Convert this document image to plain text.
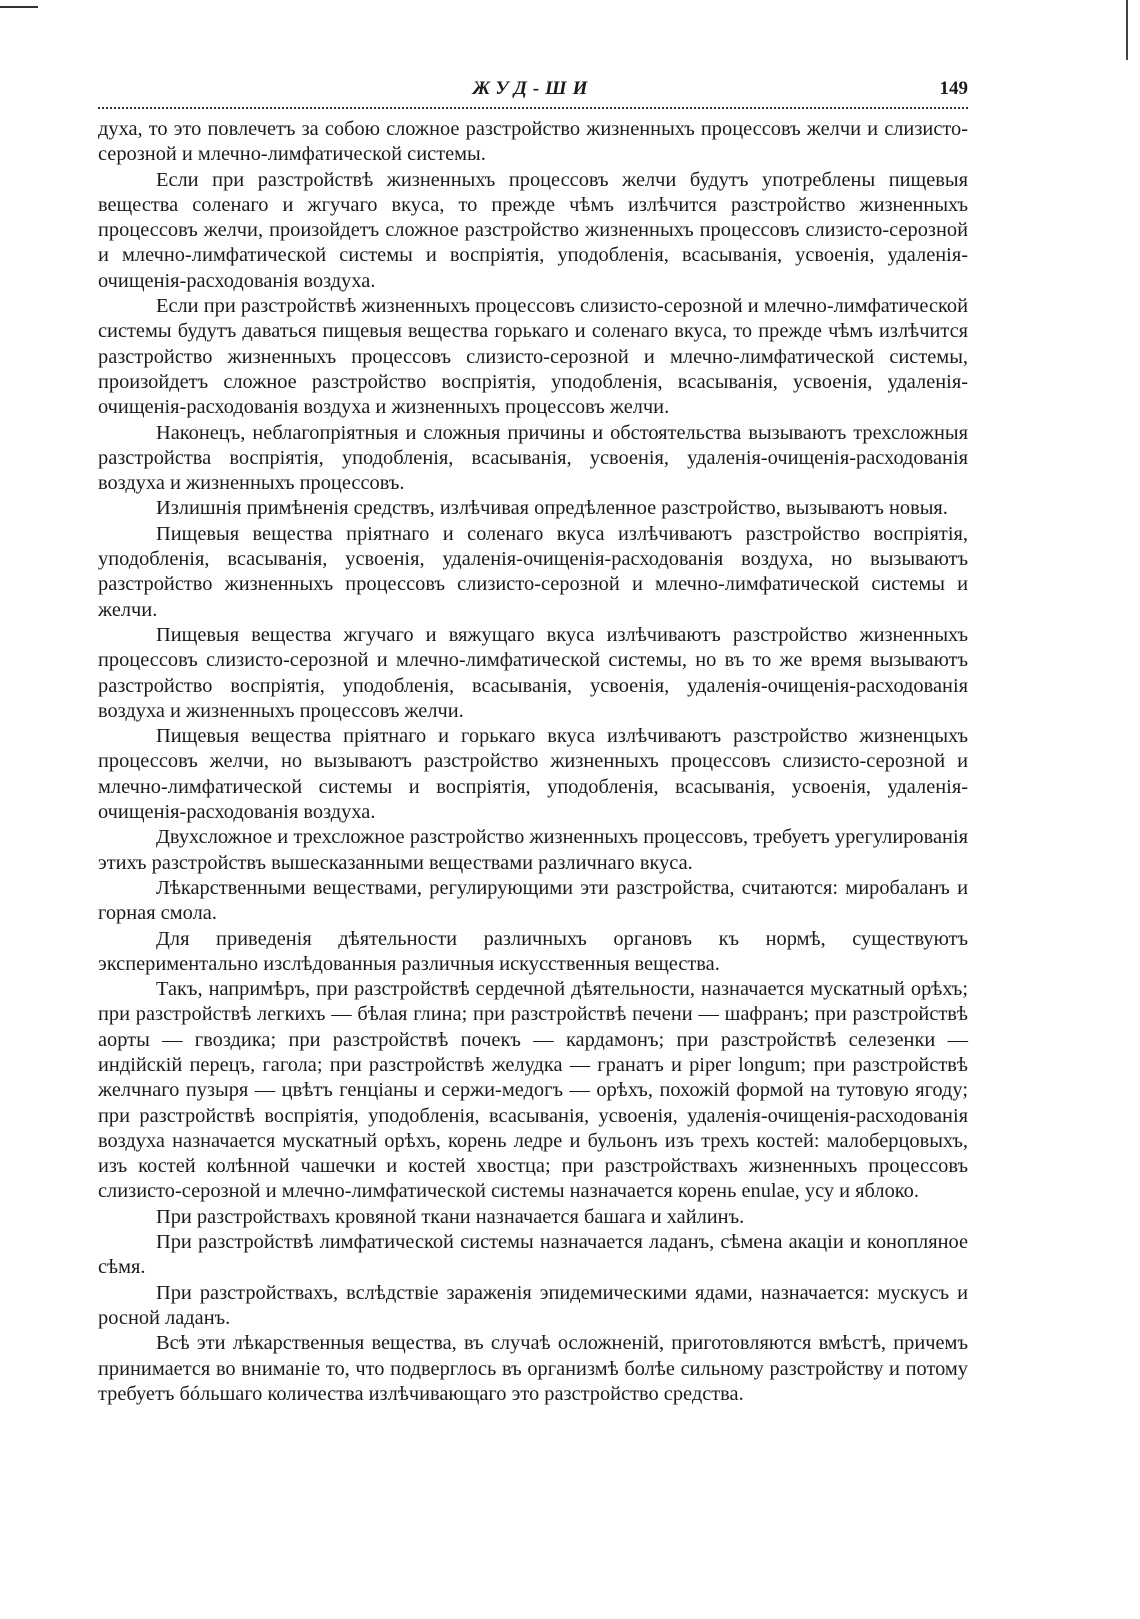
ЖУД-ШИ	149

духа, то это повлечетъ за собою сложное разстройство жизненныхъ процессовъ желчи и слизисто-серозной и млечно-лимфатической системы.

Если при разстройствѣ жизненныхъ процессовъ желчи будутъ употреблены пищевыя вещества соленаго и жгучаго вкуса, то прежде чѣмъ излѣчится разстройство жизненныхъ процессовъ желчи, произойдетъ сложное разстройство жизненныхъ процессовъ слизисто-серозной и млечно-лимфатической системы и воспріятія, уподобленія, всасыванія, усвоенія, удаленія-очищенія-расходованія воздуха.

Если при разстройствѣ жизненныхъ процессовъ слизисто-серозной и млечно-лимфатической системы будутъ даваться пищевыя вещества горькаго и соленаго вкуса, то прежде чѣмъ излѣчится разстройство жизненныхъ процессовъ слизисто-серозной и млечно-лимфатической системы, произойдетъ сложное разстройство воспріятія, уподобленія, всасыванія, усвоенія, удаленія-очищенія-расходованія воздуха и жизненныхъ процессовъ желчи.

Наконецъ, неблагопріятныя и сложныя причины и обстоятельства вызываютъ трехсложныя разстройства воспріятія, уподобленія, всасыванія, усвоенія, удаленія-очищенія-расходованія воздуха и жизненныхъ процессовъ.

Излишнія примѣненія средствъ, излѣчивая опредѣленное разстройство, вызываютъ новыя.

Пищевыя вещества пріятнаго и соленаго вкуса излѣчиваютъ разстройство воспріятія, уподобленія, всасыванія, усвоенія, удаленія-очищенія-расходованія воздуха, но вызываютъ разстройство жизненныхъ процессовъ слизисто-серозной и млечно-лимфатической системы и желчи.

Пищевыя вещества жгучаго и вяжущаго вкуса излѣчиваютъ разстройство жизненныхъ процессовъ слизисто-серозной и млечно-лимфатической системы, но въ то же время вызываютъ разстройство воспріятія, уподобленія, всасыванія, усвоенія, удаленія-очищенія-расходованія воздуха и жизненныхъ процессовъ желчи.

Пищевыя вещества пріятнаго и горькаго вкуса излѣчиваютъ разстройство жизненцыхъ процессовъ желчи, но вызываютъ разстройство жизненныхъ процессовъ слизисто-серозной и млечно-лимфатической системы и воспріятія, уподобленія, всасыванія, усвоенія, удаленія-очищенія-расходованія воздуха.

Двухсложное и трехсложное разстройство жизненныхъ процессовъ, требуетъ урегулированія этихъ разстройствъ вышесказанными веществами различнаго вкуса.

Лѣкарственными веществами, регулирующими эти разстройства, считаются: миробаланъ и горная смола.

Для приведенія дѣятельности различныхъ органовъ къ нормѣ, существуютъ экспериментально изслѣдованныя различныя искусственныя вещества.

Такъ, напримѣръ, при разстройствѣ сердечной дѣятельности, назначается мускатный орѣхъ; при разстройствѣ легкихъ — бѣлая глина; при разстройствѣ печени — шафранъ; при разстройствѣ аорты — гвоздика; при разстройствѣ почекъ — кардамонъ; при разстройствѣ селезенки — индійскій перецъ, гагола; при разстройствѣ желудка — гранатъ и piper longum; при разстройствѣ желчнаго пузыря — цвѣтъ генціаны и сержи-медогъ — орѣхъ, похожій формой на тутовую ягоду; при разстройствѣ воспріятія, уподобленія, всасыванія, усвоенія, удаленія-очищенія-расходованія воздуха назначается мускатный орѣхъ, корень ледре и бульонъ изъ трехъ костей: малоберцовыхъ, изъ костей колѣнной чашечки и костей хвостца; при разстройствахъ жизненныхъ процессовъ слизисто-серозной и млечно-лимфатической системы назначается корень enulae, усу и яблоко.

При разстройствахъ кровяной ткани назначается башага и хайлинъ.

При разстройствѣ лимфатической системы назначается ладанъ, сѣмена акаціи и конопляное сѣмя.

При разстройствахъ, вслѣдствіе зараженія эпидемическими ядами, назначается: мускусъ и росной ладанъ.

Всѣ эти лѣкарственныя вещества, въ случаѣ осложненій, приготовляются вмѣстѣ, причемъ принимается во вниманіе то, что подверглось въ организмѣ болѣе сильному разстройству и потому требуетъ бóльшаго количества излѣчивающаго это разстройство средства.
